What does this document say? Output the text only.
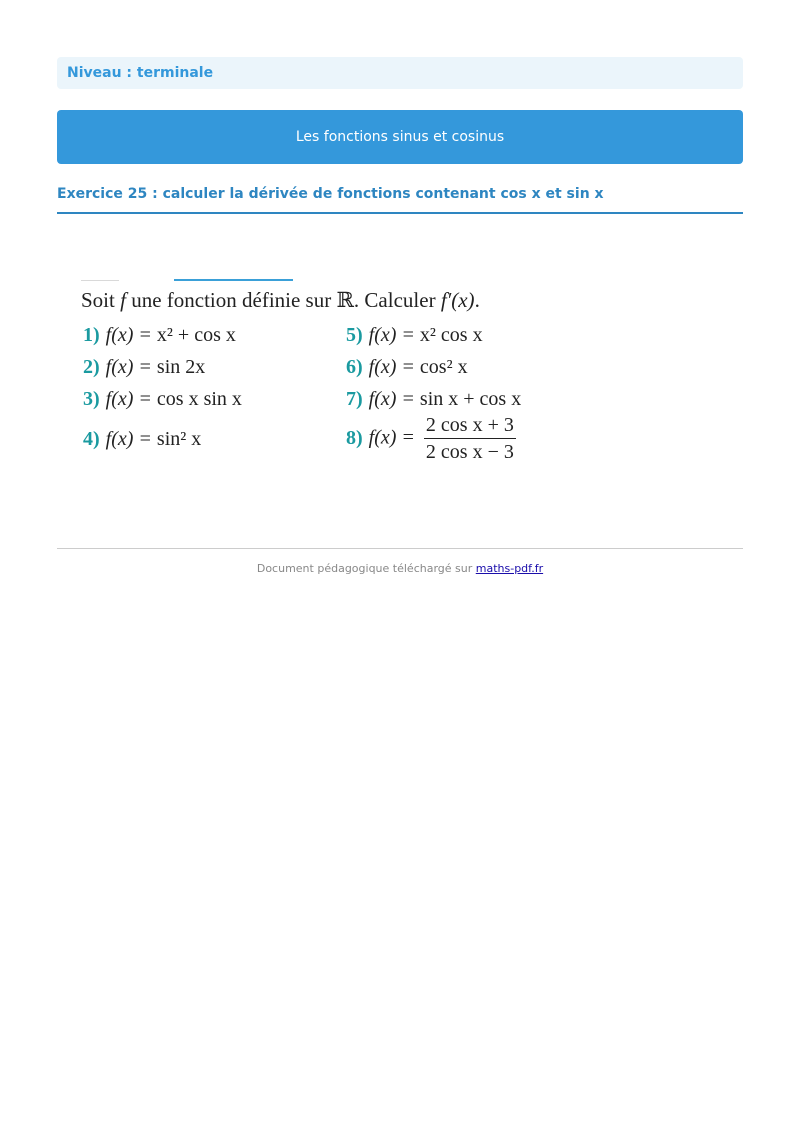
Niveau : terminale
Les fonctions sinus et cosinus
Exercice 25 : calculer la dérivée de fonctions contenant cos x et sin x
Soit f une fonction définie sur ℝ. Calculer f′(x).
1) f(x) = x² + cos x
2) f(x) = sin 2x
3) f(x) = cos x sin x
4) f(x) = sin² x
5) f(x) = x² cos x
6) f(x) = cos² x
7) f(x) = sin x + cos x
8) $f(x) = \frac{\text{2 cos x + 3}}{\text{2 cos x − 3}}$
Document pédagogique téléchargé sur maths-pdf.fr
